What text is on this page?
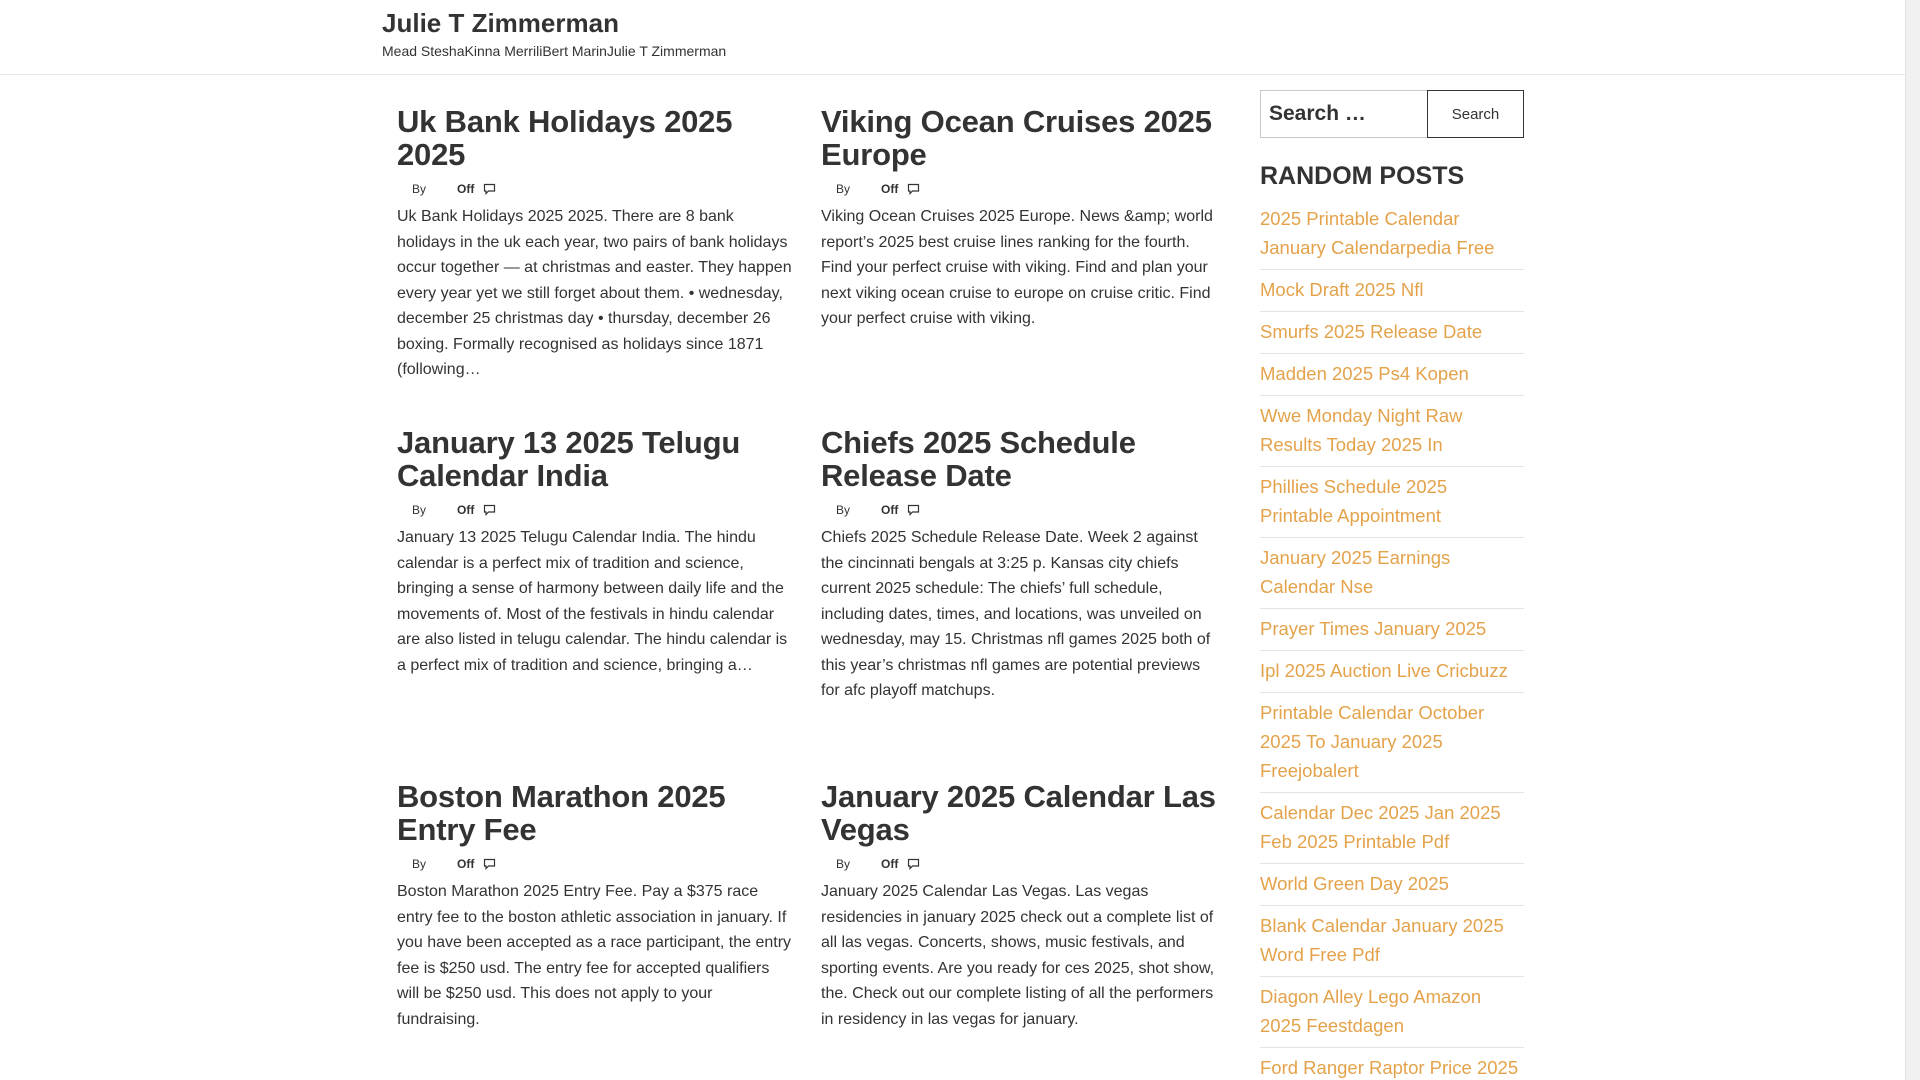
Julie T Zimmerman
Mead Stesha Kinna Merrili Bert Marin Julie T Zimmerman
Uk Bank Holidays 2025 2025
By	Off

Uk Bank Holidays 2025 2025. There are 8 bank holidays in the uk each year, two pairs of bank holidays occur together — at christmas and easter. They happen every year yet we still forget about them. • wednesday, december 25 christmas day • thursday, december 26 boxing. Formally recognised as holidays since 1871 (following…

Viking Ocean Cruises 2025 Europe
By	Off

Viking Ocean Cruises 2025 Europe. News &amp; world report’s 2025 best cruise lines ranking for the fourth. Find your perfect cruise with viking. Find and plan your next viking ocean cruise to europe on cruise critic. Find your perfect cruise with viking.

January 13 2025 Telugu Calendar India
By	Off

January 13 2025 Telugu Calendar India. The hindu calendar is a perfect mix of tradition and science, bringing a sense of harmony between daily life and the movements of. Most of the festivals in hindu calendar are also listed in telugu calendar. The hindu calendar is a perfect mix of tradition and science, bringing a…

Chiefs 2025 Schedule Release Date
By	Off

Chiefs 2025 Schedule Release Date. Week 2 against the cincinnati bengals at 3:25 p. Kansas city chiefs current 2025 schedule: The chiefs’ full schedule, including dates, times, and locations, was unveiled on wednesday, may 15. Christmas nfl games 2025 both of this year’s christmas nfl games are potential previews for afc playoff matchups.

Boston Marathon 2025 Entry Fee
By	Off

Boston Marathon 2025 Entry Fee. Pay a $375 race entry fee to the boston athletic association in january. If you have been accepted as a race participant, the entry fee is $250 usd. The entry fee for accepted qualifiers will be $250 usd. This does not apply to your fundraising.

January 2025 Calendar Las Vegas
By	Off

January 2025 Calendar Las Vegas. Las vegas residencies in january 2025 check out a complete list of all las vegas. Concerts, shows, music festivals, and sporting events. Are you ready for ces 2025, shot show, the. Check out our complete listing of all the performers in residency in las vegas for january.

Search …
Search
RANDOM POSTS
2025 Printable Calendar January Calendarpedia Free
Mock Draft 2025 Nfl
Smurfs 2025 Release Date
Madden 2025 Ps4 Kopen
Wwe Monday Night Raw Results Today 2025 In
Phillies Schedule 2025 Printable Appointment
January 2025 Earnings Calendar Nse
Prayer Times January 2025
Ipl 2025 Auction Live Cricbuzz
Printable Calendar October 2025 To January 2025 Freejobalert
Calendar Dec 2025 Jan 2025 Feb 2025 Printable Pdf
World Green Day 2025
Blank Calendar January 2025 Word Free Pdf
Diagon Alley Lego Amazon 2025 Feestdagen
Ford Ranger Raptor Price 2025
